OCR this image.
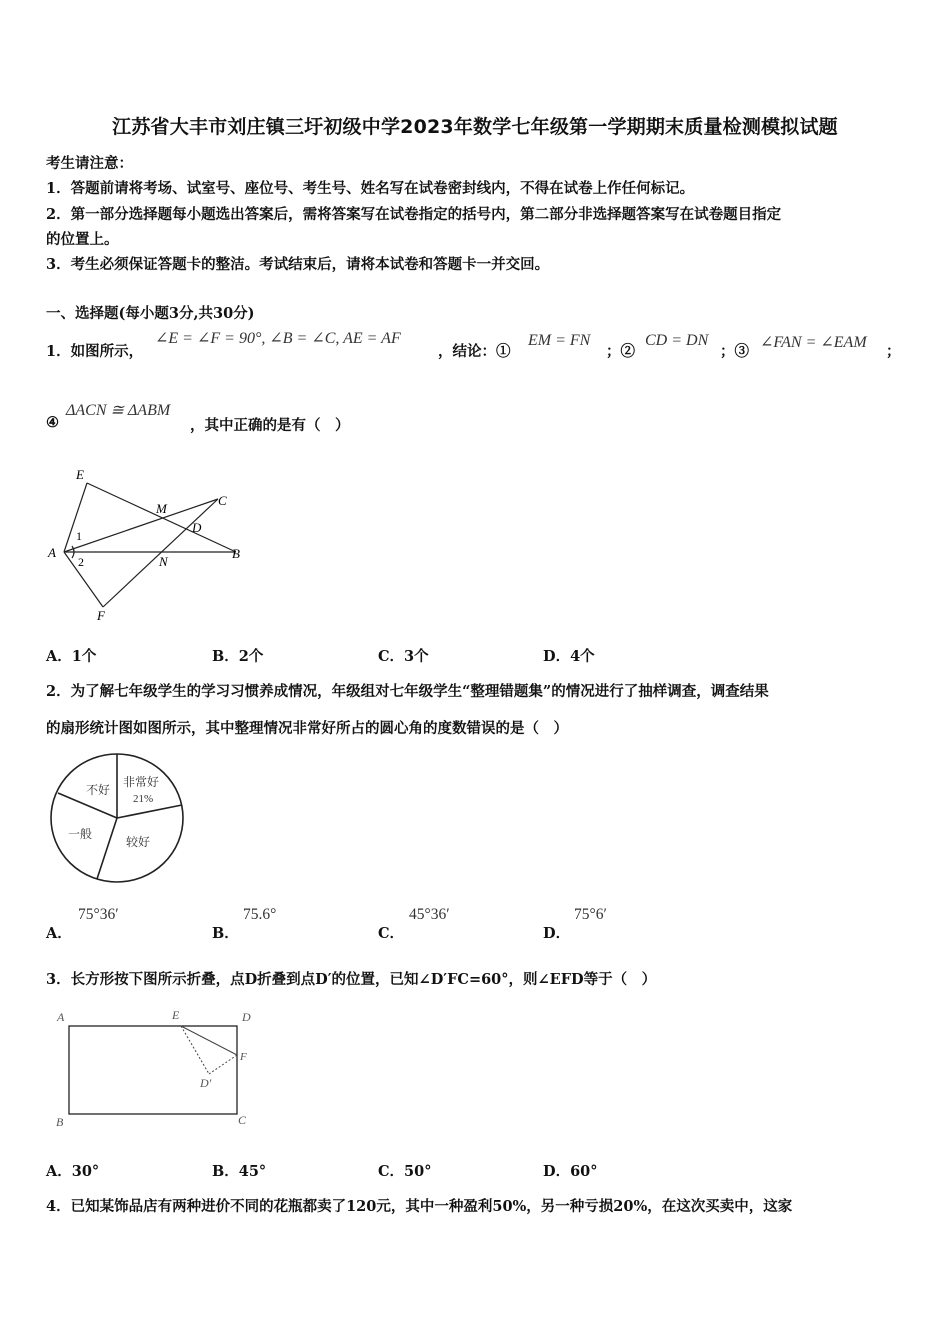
江苏省大丰市刘庄镇三圩初级中学2023年数学七年级第一学期期末质量检测模拟试题
考生请注意：
1．答题前请将考场、试室号、座位号、考生号、姓名写在试卷密封线内，不得在试卷上作任何标记。
2．第一部分选择题每小题选出答案后，需将答案写在试卷指定的括号内，第二部分非选择题答案写在试卷题目指定
的位置上。
3．考生必须保证答题卡的整洁。考试结束后，请将本试卷和答题卡一并交回。
一、选择题(每小题3分,共30分)
1．如图所示，
∠E = ∠F = 90°, ∠B = ∠C, AE = AF
，结论：①
EM = FN
；②
CD = DN
；③
∠FAN = ∠EAM
；
④
ΔACN ≅ ΔABM
，其中正确的是有（　）
E
M
C
1
D
A
2	N
B
F
A．1个	B．2个	C．3个	D．4个
2．为了解七年级学生的学习习惯养成情况，年级组对七年级学生“整理错题集”的情况进行了抽样调查，调查结果
的扇形统计图如图所示，其中整理情况非常好所占的圆心角的度数错误的是（　）
不好
非常好
21%
一般
较好
A．
75°36′
B．
75.6°
C．
45°36′
D．
75°6′
3．长方形按下图所示折叠，点D折叠到点D′的位置，已知∠D′FC=60°，则∠EFD等于（　）
A	E	D
F
D′
B	C
A．30°	B．45°	C．50°	D．60°
4．已知某饰品店有两种进价不同的花瓶都卖了120元，其中一种盈利50%，另一种亏损20%，在这次买卖中，这家
